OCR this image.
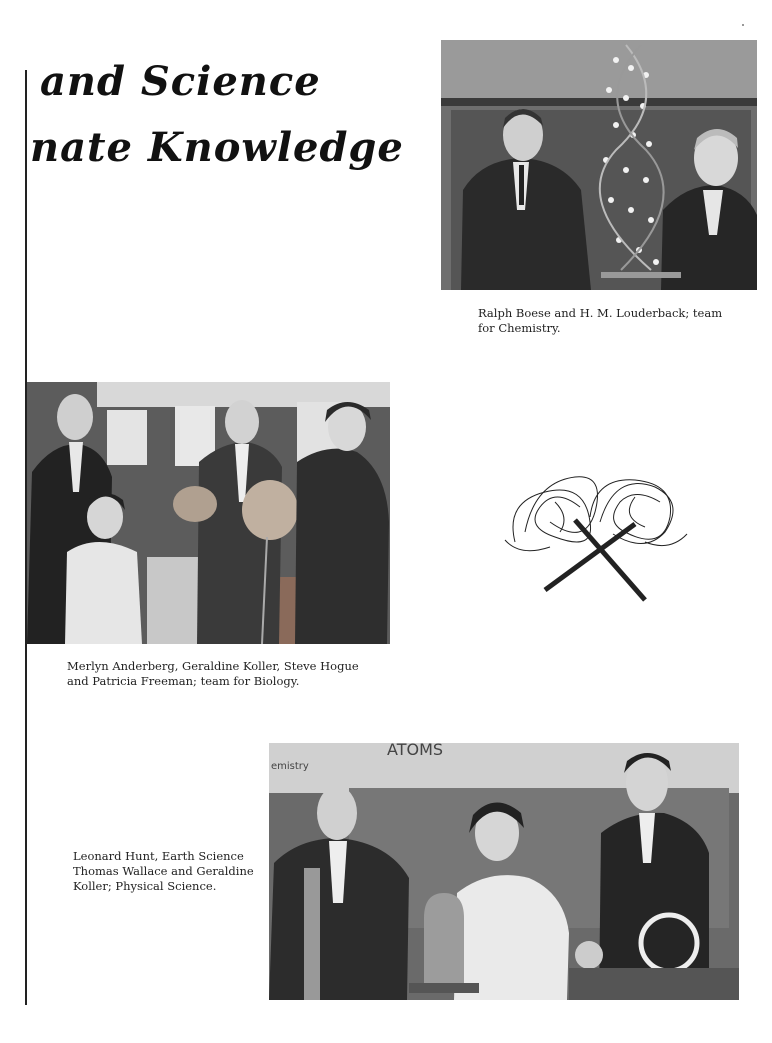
and Science
nate Knowledge

Ralph Boese and H. M. Louderback; team
for Chemistry.

Merlyn Anderberg, Geraldine Koller, Steve Hogue
and Patricia Freeman; team for Biology.

ATOMS
emistry

Leonard Hunt, Earth Science
Thomas Wallace and Geraldine
Koller; Physical Science.
